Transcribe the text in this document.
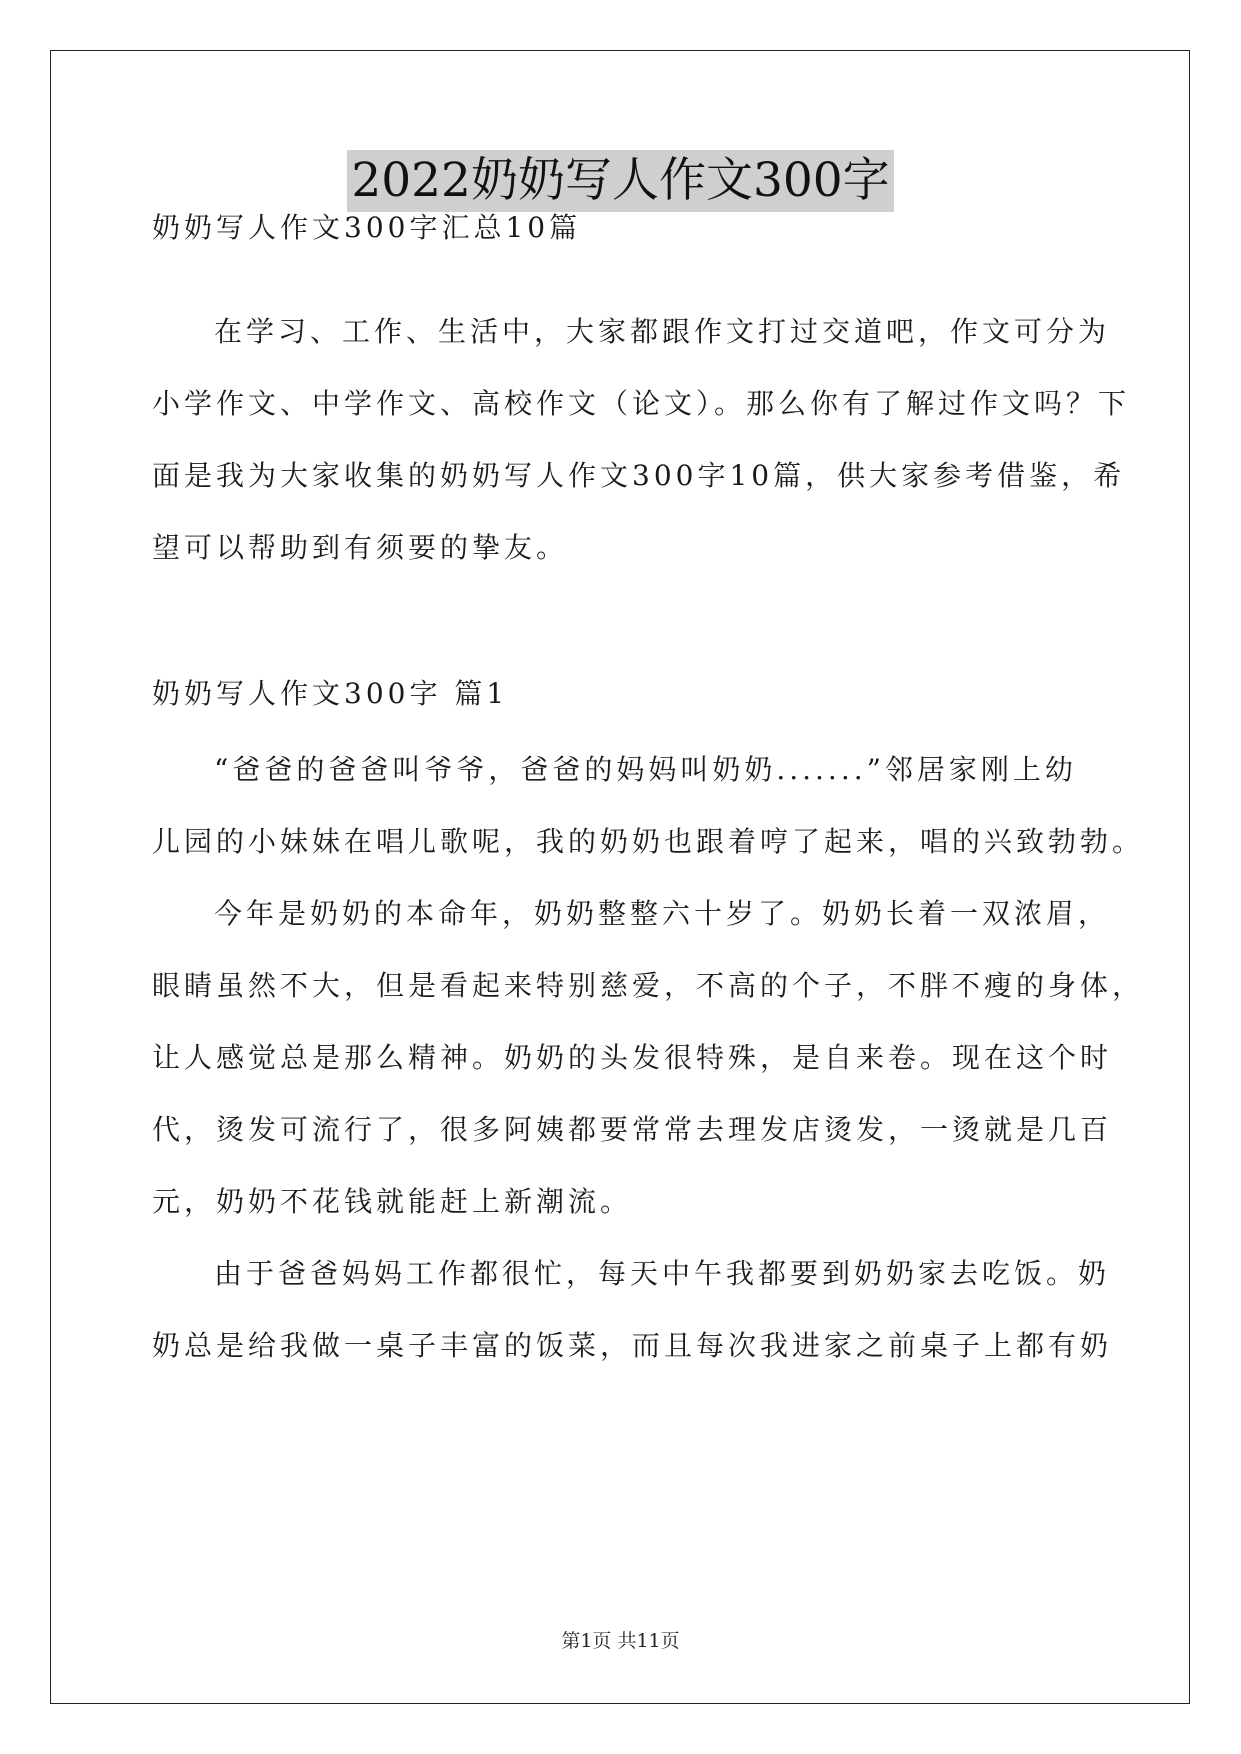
2022奶奶写人作文300字
奶奶写人作文300字汇总10篇
在学习、工作、生活中，大家都跟作文打过交道吧，作文可分为
小学作文、中学作文、高校作文（论文）。那么你有了解过作文吗？下
面是我为大家收集的奶奶写人作文300字10篇，供大家参考借鉴，希
望可以帮助到有须要的挚友。
奶奶写人作文300字 篇1
“爸爸的爸爸叫爷爷，爸爸的妈妈叫奶奶.......”邻居家刚上幼
儿园的小妹妹在唱儿歌呢，我的奶奶也跟着哼了起来，唱的兴致勃勃。
今年是奶奶的本命年，奶奶整整六十岁了。奶奶长着一双浓眉，
眼睛虽然不大，但是看起来特别慈爱，不高的个子，不胖不瘦的身体，
让人感觉总是那么精神。奶奶的头发很特殊，是自来卷。现在这个时
代，烫发可流行了，很多阿姨都要常常去理发店烫发，一烫就是几百
元，奶奶不花钱就能赶上新潮流。
由于爸爸妈妈工作都很忙，每天中午我都要到奶奶家去吃饭。奶
奶总是给我做一桌子丰富的饭菜，而且每次我进家之前桌子上都有奶
第1页 共11页
